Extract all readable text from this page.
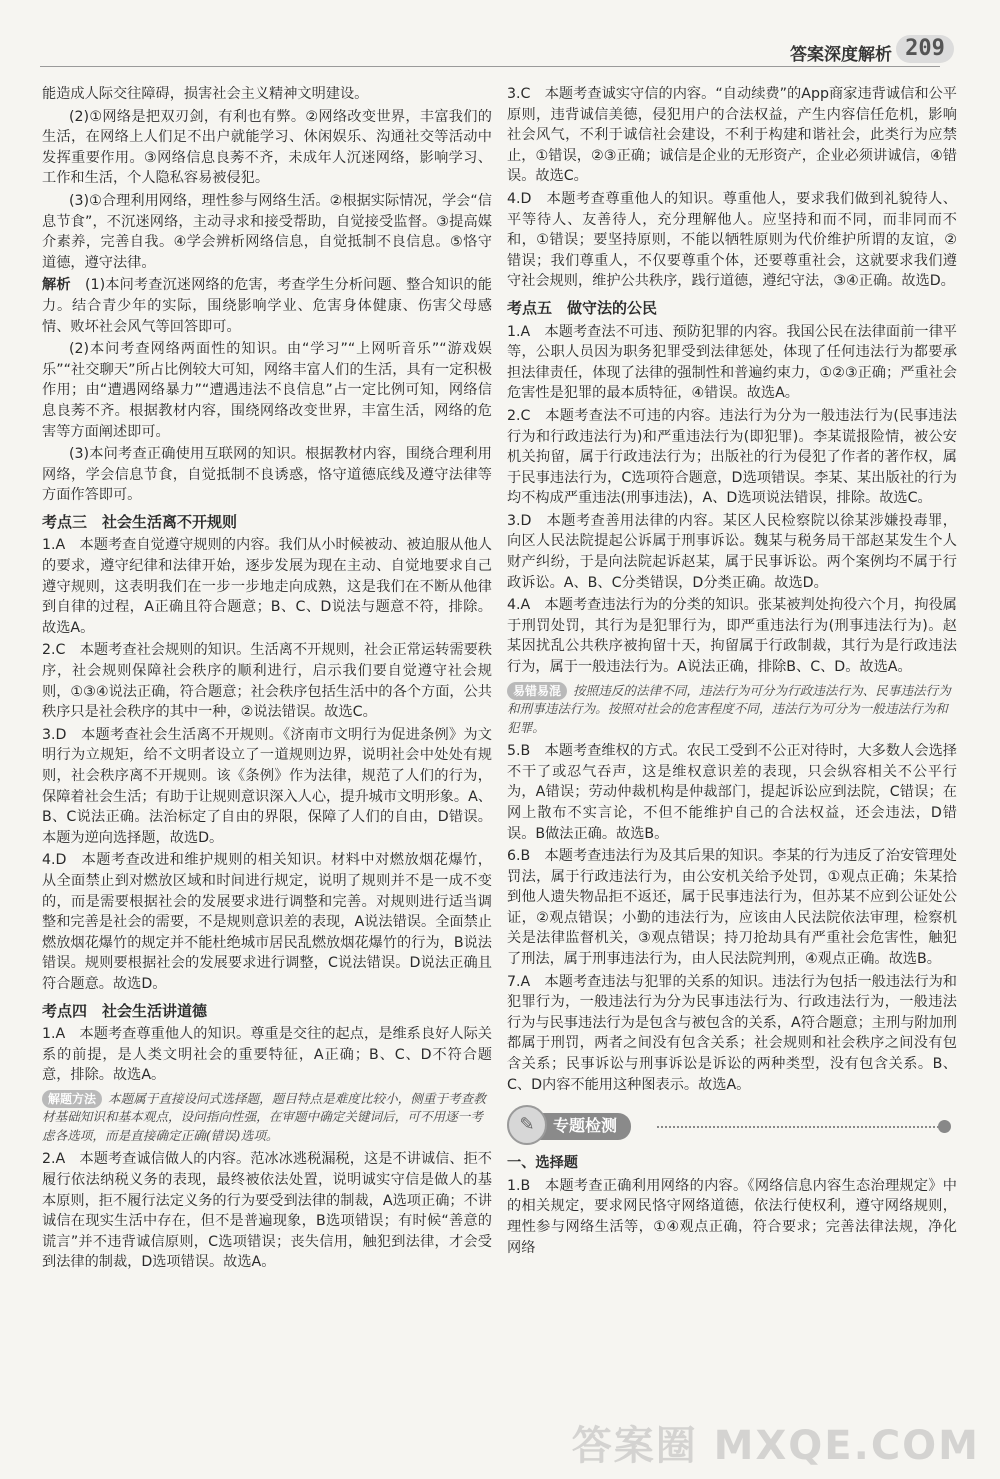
答案深度解析 209

能造成人际交往障碍，损害社会主义精神文明建设。

(2)①网络是把双刃剑，有利也有弊。②网络改变世界，丰富我们的生活，在网络上人们足不出户就能学习、休闲娱乐、沟通社交等活动中发挥重要作用。③网络信息良莠不齐，未成年人沉迷网络，影响学习、工作和生活，个人隐私容易被侵犯。

(3)①合理利用网络，理性参与网络生活。②根据实际情况，学会“信息节食”，不沉迷网络，主动寻求和接受帮助，自觉接受监督。③提高媒介素养，完善自我。④学会辨析网络信息，自觉抵制不良信息。⑤恪守道德，遵守法律。

解析　 (1)本问考查沉迷网络的危害，考查学生分析问题、整合知识的能力。结合青少年的实际，围绕影响学业、危害身体健康、伤害父母感情、败坏社会风气等回答即可。

(2)本问考查网络两面性的知识。由“学习”“上网听音乐”“游戏娱乐”“社交聊天”所占比例较大可知，网络丰富人们的生活，具有一定积极作用；由“遭遇网络暴力”“遭遇违法不良信息”占一定比例可知，网络信息良莠不齐。根据教材内容，围绕网络改变世界，丰富生活，网络的危害等方面阐述即可。

(3)本问考查正确使用互联网的知识。根据教材内容，围绕合理利用网络，学会信息节食，自觉抵制不良诱惑，恪守道德底线及遵守法律等方面作答即可。

考点三　社会生活离不开规则

1.A　本题考查自觉遵守规则的内容。我们从小时候被动、被迫服从他人的要求，遵守纪律和法律开始，逐步发展为现在主动、自觉地要求自己遵守规则，这表明我们在一步一步地走向成熟，这是我们在不断从他律到自律的过程，A正确且符合题意；B、C、D说法与题意不符，排除。故选A。

2.C　本题考查社会规则的知识。生活离不开规则，社会正常运转需要秩序，社会规则保障社会秩序的顺利进行，启示我们要自觉遵守社会规则，①③④说法正确，符合题意；社会秩序包括生活中的各个方面，公共秩序只是社会秩序的其中一种，②说法错误。故选C。

3.D　本题考查社会生活离不开规则。《济南市文明行为促进条例》为文明行为立规矩，给不文明者设立了一道规则边界，说明社会中处处有规则，社会秩序离不开规则。该《条例》作为法律，规范了人们的行为，保障着社会生活；有助于让规则意识深入人心，提升城市文明形象。A、B、C说法正确。法治标定了自由的界限，保障了人们的自由，D错误。本题为逆向选择题，故选D。

4.D　本题考查改进和维护规则的相关知识。材料中对燃放烟花爆竹，从全面禁止到对燃放区域和时间进行规定，说明了规则并不是一成不变的，而是需要根据社会的发展要求进行调整和完善。对规则进行适当调整和完善是社会的需要，不是规则意识差的表现，A说法错误。全面禁止燃放烟花爆竹的规定并不能杜绝城市居民乱燃放烟花爆竹的行为，B说法错误。规则要根据社会的发展要求进行调整，C说法错误。D说法正确且符合题意。故选D。

考点四　社会生活讲道德

1.A　本题考查尊重他人的知识。尊重是交往的起点，是维系良好人际关系的前提，是人类文明社会的重要特征，A正确；B、C、D不符合题意，排除。故选A。

解题方法 本题属于直接设问式选择题，题目特点是难度比较小，侧重于考查教材基础知识和基本观点，设问指向性强，在审题中确定关键词后，可不用逐一考虑各选项，而是直接确定正确(错误)选项。

2.A　本题考查诚信做人的内容。范冰冰逃税漏税，这是不讲诚信、拒不履行依法纳税义务的表现，最终被依法处置，说明诚实守信是做人的基本原则，拒不履行法定义务的行为要受到法律的制裁，A选项正确；不讲诚信在现实生活中存在，但不是普遍现象，B选项错误；有时候“善意的谎言”并不违背诚信原则，C选项错误；丧失信用，触犯到法律，才会受到法律的制裁，D选项错误。故选A。

3.C　本题考查诚实守信的内容。“自动续费”的App商家违背诚信和公平原则，违背诚信美德，侵犯用户的合法权益，产生内容信任危机，影响社会风气，不利于诚信社会建设，不利于构建和谐社会，此类行为应禁止，①错误，②③正确；诚信是企业的无形资产，企业必须讲诚信，④错误。故选C。

4.D　本题考查尊重他人的知识。尊重他人，要求我们做到礼貌待人、平等待人、友善待人，充分理解他人。应坚持和而不同，而非同而不和，①错误；要坚持原则，不能以牺牲原则为代价维护所谓的友谊，②错误；我们尊重人，不仅要尊重个体，还要尊重社会，这就要求我们遵守社会规则，维护公共秩序，践行道德，遵纪守法，③④正确。故选D。

考点五　做守法的公民

1.A　本题考查法不可违、预防犯罪的内容。我国公民在法律面前一律平等，公职人员因为职务犯罪受到法律惩处，体现了任何违法行为都要承担法律责任，体现了法律的强制性和普遍约束力，①②③正确；严重社会危害性是犯罪的最本质特征，④错误。故选A。

2.C　本题考查法不可违的内容。违法行为分为一般违法行为(民事违法行为和行政违法行为)和严重违法行为(即犯罪)。李某谎报险情，被公安机关拘留，属于行政违法行为；出版社的行为侵犯了作者的著作权，属于民事违法行为，C选项符合题意，D选项错误。李某、某出版社的行为均不构成严重违法(刑事违法)，A、D选项说法错误，排除。故选C。

3.D　本题考查善用法律的内容。某区人民检察院以徐某涉嫌投毒罪，向区人民法院提起公诉属于刑事诉讼。魏某与税务局干部赵某发生个人财产纠纷，于是向法院起诉赵某，属于民事诉讼。两个案例均不属于行政诉讼。A、B、C分类错误，D分类正确。故选D。

4.A　本题考查违法行为的分类的知识。张某被判处拘役六个月，拘役属于刑罚处罚，其行为是犯罪行为，即严重违法行为(刑事违法行为)。赵某因扰乱公共秩序被拘留十天，拘留属于行政制裁，其行为是行政违法行为，属于一般违法行为。A说法正确，排除B、C、D。故选A。

易错易混 按照违反的法律不同，违法行为可分为行政违法行为、民事违法行为和刑事违法行为。按照对社会的危害程度不同，违法行为可分为一般违法行为和犯罪。

5.B　本题考查维权的方式。农民工受到不公正对待时，大多数人会选择不干了或忍气吞声，这是维权意识差的表现，只会纵容相关不公平行为，A错误；劳动仲裁机构是仲裁部门，提起诉讼应到法院，C错误；在网上散布不实言论，不但不能维护自己的合法权益，还会违法，D错误。B做法正确。故选B。

6.B　本题考查违法行为及其后果的知识。李某的行为违反了治安管理处罚法，属于行政违法行为，由公安机关给予处罚，①观点正确；朱某拾到他人遗失物品拒不返还，属于民事违法行为，但苏某不应到公证处公证，②观点错误；小勤的违法行为，应该由人民法院依法审理，检察机关是法律监督机关，③观点错误；持刀抢劫具有严重社会危害性，触犯了刑法，属于刑事违法行为，由人民法院判刑，④观点正确。故选B。

7.A　本题考查违法与犯罪的关系的知识。违法行为包括一般违法行为和犯罪行为，一般违法行为分为民事违法行为、行政违法行为，一般违法行为与民事违法行为是包含与被包含的关系，A符合题意；主刑与附加刑都属于刑罚，两者之间没有包含关系；社会规则和社会秩序之间没有包含关系；民事诉讼与刑事诉讼是诉讼的两种类型，没有包含关系。B、C、D内容不能用这种图表示。故选A。

专题检测
✎
一、选择题

1.B　本题考查正确利用网络的内容。《网络信息内容生态治理规定》中的相关规定，要求网民恪守网络道德，依法行使权利，遵守网络规则，理性参与网络生活等，①④观点正确，符合要求；完善法律法规，净化网络

答案圈 MXQE.COM
